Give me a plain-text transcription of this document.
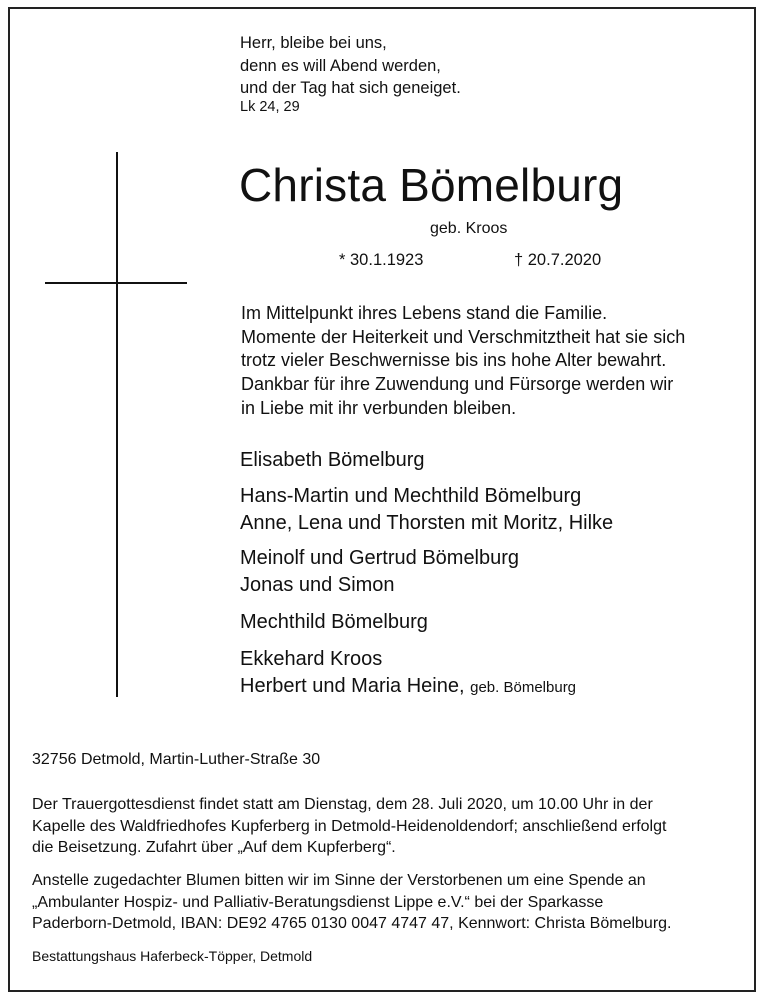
Herr, bleibe bei uns,
denn es will Abend werden,
und der Tag hat sich geneiget.
Lk 24, 29
Christa Bömelburg
geb. Kroos
* 30.1.1923	† 20.7.2020
Im Mittelpunkt ihres Lebens stand die Familie.
Momente der Heiterkeit und Verschmitztheit hat sie sich
trotz vieler Beschwernisse bis ins hohe Alter bewahrt.
Dankbar für ihre Zuwendung und Fürsorge werden wir
in Liebe mit ihr verbunden bleiben.
Elisabeth Bömelburg
Hans-Martin und Mechthild Bömelburg
Anne, Lena und Thorsten mit Moritz, Hilke
Meinolf und Gertrud Bömelburg
Jonas und Simon
Mechthild Bömelburg
Ekkehard Kroos
Herbert und Maria Heine, geb. Bömelburg
32756 Detmold, Martin-Luther-Straße 30
Der Trauergottesdienst findet statt am Dienstag, dem 28. Juli 2020, um 10.00 Uhr in der
Kapelle des Waldfriedhofes Kupferberg in Detmold-Heidenoldendorf; anschließend erfolgt
die Beisetzung. Zufahrt über „Auf dem Kupferberg“.
Anstelle zugedachter Blumen bitten wir im Sinne der Verstorbenen um eine Spende an
„Ambulanter Hospiz- und Palliativ-Beratungsdienst Lippe e.V.“ bei der Sparkasse
Paderborn-Detmold, IBAN: DE92 4765 0130 0047 4747 47, Kennwort: Christa Bömelburg.
Bestattungshaus Haferbeck-Töpper, Detmold
